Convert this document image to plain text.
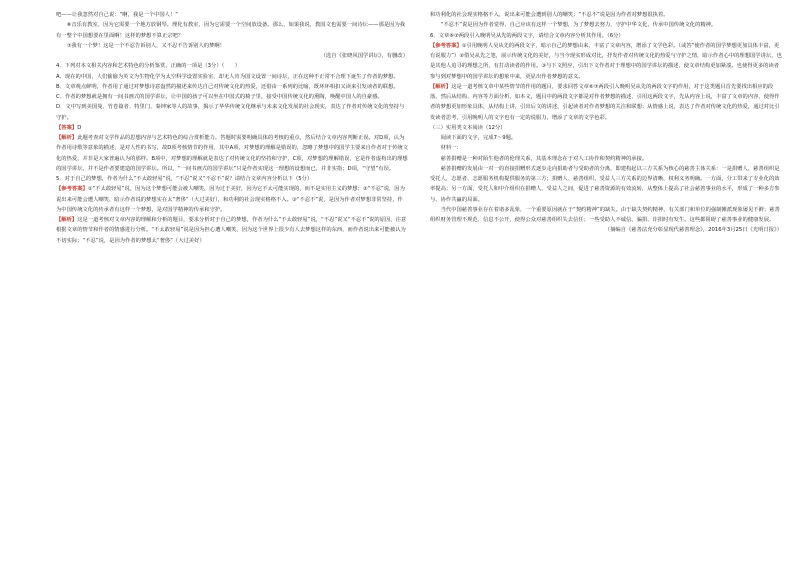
吧——让我忽然对自己说：“啊，我是一个中国人！”

⑥音乐有教室，因为它需要一个地方放钢琴。理化有教室，因为它需要一个空间放设备。那么，如果我说，教国文也需要一间诗坛——那是因为我有一整个中国想要在里面啊！这样的梦想不算正宗吧？

⑦我有一个梦！这是一个不忍告诉别人，又不忍不告诉别人的梦啊！

（选自《张晓风国学讲坛》，有删改）

4．下列对本文相关内容和艺术特色的分析鉴赏，正确的一项是（3分）（　　）

A．现在的中国，人们偷偷为英文为生物化学为太空科学设置实验室，却无人肯为国文设置一间诗坛，正在这种不正常不合理下诞生了作者的梦想。

B．文章观点鲜明，作者用了通过对梦想诗意盎然的描述来传达自己对传统文化的热爱，还借由一系列的比喻，既环环相扣又读来引发读者的联想。

C．作者的梦想就是拥有一间书画式的国学讲坛，让中国的孩子可以坐在中国式的椅子里，接受中国传统文化的熏陶，唤醒中国人的自豪感。

D．文中写到美国曼、竹卷篇者、特里门、秦坤家等人的故事，揭示了华华传统文化继承与未来文化发展的社会现实，表达了作者对传统文化的坚持与守护。

【答案】D

【解析】此题考查对文学作品的思想内容与艺术特色的综合赏析能力。答题时需要明确具体的考核的重点，然后结合文章内容判断正误。对D项，认为作者用诗歌等意象的描述，是对人性的书写，故D项考核情节的作用，其中A项，对梦想的理解是错误的，忽略了梦想中的国学主要来自作者对于传统文化的热爱，并非是大家普遍认为的那样。B项中，对梦想的理解就是表达了对传统文化的坚持和守护，C项，对梦想的理解错误，它是作者虚构出的理想的国学讲坛，并不是作者要建造的国学讲坛。所以，“一间书画式的国学讲坛”只是作者实现这一理想的设想而已，并非实指；D项，“守望”有误。

5．对于自己的梦想，作者为什么“不太敢轻易”说，“不忍”说又“不忍不”说？请结合文章内容分析以下（5分）

【参考答案】①“不太敢轻易”说，因为这个梦想可能会被人嘲笑，因为过于美好，因为它不太可能实现的，而不是实用主义的梦想；②“不忍”说，因为说出来可能会遭人嘲笑，暗示作者说的梦想实在太“奢侈”（大过美好），和功利的社会现实格格不入。③“不忍不”说，是因为作者对梦想非常坚持，作为中国传统文化的传承者有这样一个梦想，是对国学精神的传承和守护。

【解析】这是一道考核对文章内容的理解和分析的题目，要求分析对于自己的梦想，作者为什么“不太敢轻易”说，“不忍”说又“不忍不”说的原因，注意根据文章的情节和作者的情感进行分析。“不太敢轻易”说是因为担心遭人嘲笑，因为这个世界上很少有人去梦想这样的东西，而作者说出来可能被认为不切实际；“不忍”说，是因为作者的梦想太“奢侈”（大过美好）

和功利化的社会现实格格不入，说出来可能会遭到别人的嘲笑；“不忍不”说是因为作者对梦想很执着。

“不忍不”说是因为作者觉得，自己应该有这样一个梦想，为了梦想去努力，守护中华文化，传承中国传统文化的精神。

6．文章⑥⑦两段引入晚明吴从先的两段文字，请结合文章内容分析其作用。（6分）

【参考答案】①引用晚明人吴从先的两段文字，暗示自己的梦想由来，丰富了文章内容，增添了文学色彩。（或答“使作者的国学梦想更加具体丰富，更有说服力”）②借吴从先之笔，展示传统文化的美好，与当今现实形成对比，抒发作者对传统文化的热爱与守护之情，暗示作者心中的理想国学讲坛，也是其他人追寻的理想之所，有打动读者的作用。③与下文照应，引出下文作者对于理想中的国学讲坛的描述，使文章结构更加紧凑。也使得更多的读者参与到对梦想中的国学讲坛的想象中来，更显出作者梦想的意义。

【解析】这是一道考核文章中某些情节的作用的题目，要求回答文章⑥⑦两段引入晚明吴从先的两段文字的作用，对于这类题目首先要找出相应的段落，然后从结构、内容等方面分析，如本文，题目中的两段文字都是对作者梦想的描述，引用这两段文字，先从内容上说，丰富了文章的内容，使得作者的梦想更加形象具体，从结构上讲，引出后文的讲述，引起读者对作者梦想的关注和联想；从情感上说，表达了作者对传统文化的热爱，通过对比引发读者思考，引用晚明人的文字也有一定的说服力，增添了文章的文学色彩。

（三）实用类文本阅读（12分）

阅读下面的文字，完成7～9题。

材料一：

慈善捐赠是一种对陌生他者的伦理关系，其基本理念在于对人工协作和契约精神的承接。

慈善捐赠的发展由一对一的直接捐赠形式逐步走向捐助者与受助者的分离，即建构起以三方关系为核心的慈善主体关系：一是捐赠人，慈善组织是受托人，志愿者、志愿服务机构提供服务的第三方；捐赠人、慈善组织、受益人三方关系的边界清晰，权利义务明确。一方面，分工带来了专业化的效率提高；另一方面，受托人和中介组织在捐赠人、受益人之间，促进了慈善资源的有效流转，从整体上提高了社会慈善事业的水平，形成了一种多方参与、协作共赢的局面。

当代中国慈善事业存在着诸多乱象，一个重要原因就在于“契约精神”的缺失。由于缺失契约精神，有关部门和单位的强制摊派现象屡见不鲜；慈善组织财务管理不规范、信息不公开，使得公众对慈善组织失去信任；一些受助人不诚信，骗捐、诈捐时有发生。这些都阻碍了慈善事业的健康发展。

（摘编自《慈善法充分彰显现代慈善理念》，2016年3月25日《光明日报》）
